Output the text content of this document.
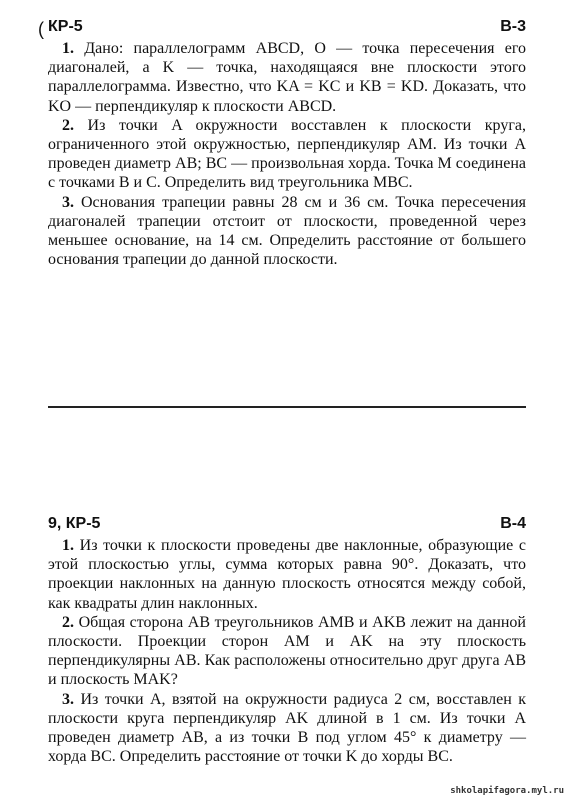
( КР-5	В-3

1. Дано: параллелограмм ABCD, O — точка пересечения его диагоналей, а K — точка, находящаяся вне плоскости этого параллелограмма. Известно, что KA = KC и KB = KD. Доказать, что KO — перпендикуляр к плоскости ABCD.

2. Из точки A окружности восставлен к плоскости круга, ограниченного этой окружностью, перпендикуляр AM. Из точки A проведен диаметр AB; BC — произвольная хорда. Точка M соединена с точками B и C. Определить вид треугольника MBC.

3. Основания трапеции равны 28 см и 36 см. Точка пересечения диагоналей трапеции отстоит от плоскости, проведенной через меньшее основание, на 14 см. Определить расстояние от большего основания трапеции до данной плоскости.

9, КР-5	В-4

1. Из точки к плоскости проведены две наклонные, образующие с этой плоскостью углы, сумма которых равна 90°. Доказать, что проекции наклонных на данную плоскость относятся между собой, как квадраты длин наклонных.

2. Общая сторона AB треугольников AMB и AKB лежит на данной плоскости. Проекции сторон AM и AK на эту плоскость перпендикулярны AB. Как расположены относительно друг друга AB и плоскость MAK?

3. Из точки A, взятой на окружности радиуса 2 см, восставлен к плоскости круга перпендикуляр AK длиной в 1 см. Из точки A проведен диаметр AB, а из точки B под углом 45° к диаметру — хорда BC. Определить расстояние от точки K до хорды BC.

shkolapifagora.myl.ru
